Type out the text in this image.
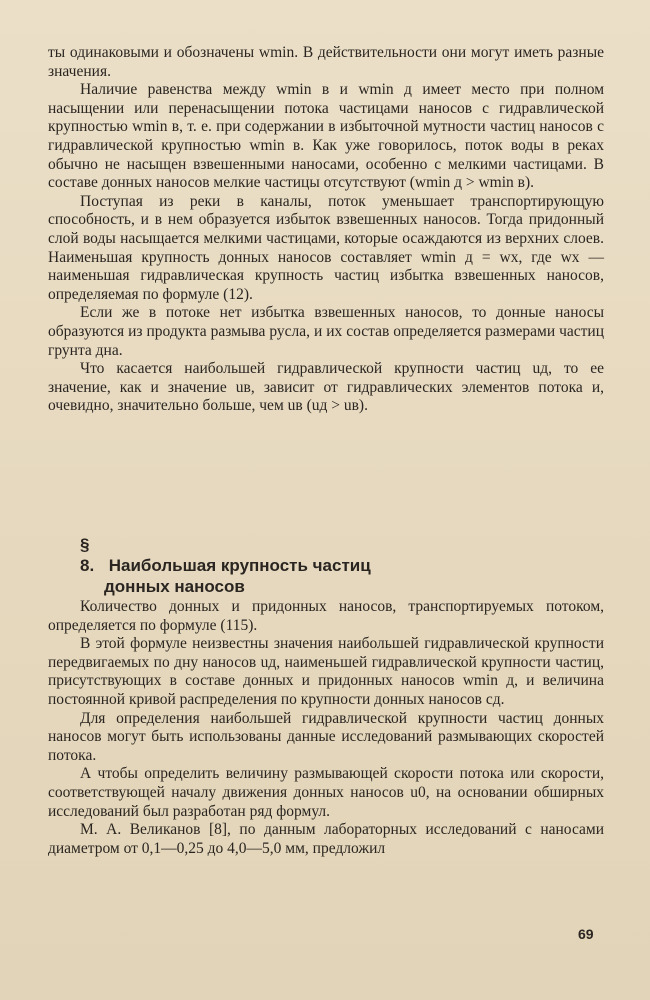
ты одинаковыми и обозначены wmin. В действительности они могут иметь разные значения.

Наличие равенства между wmin в и wmin д имеет место при полном насыщении или перенасыщении потока частицами наносов с гидравлической крупностью wmin в, т. е. при содержании в избыточной мутности частиц наносов с гидравлической крупностью wmin в. Как уже говорилось, поток воды в реках обычно не насыщен взвешенными наносами, особенно с мелкими частицами. В составе донных наносов мелкие частицы отсутствуют (wmin д > wmin в).

Поступая из реки в каналы, поток уменьшает транспортирующую способность, и в нем образуется избыток взвешенных наносов. Тогда придонный слой воды насыщается мелкими частицами, которые осаждаются из верхних слоев. Наименьшая крупность донных наносов составляет wmin д = wx, где wx — наименьшая гидравлическая крупность частиц избытка взвешенных наносов, определяемая по формуле (12).

Если же в потоке нет избытка взвешенных наносов, то донные наносы образуются из продукта размыва русла, и их состав определяется размерами частиц грунта дна.

Что касается наибольшей гидравлической крупности частиц uд, то ее значение, как и значение uв, зависит от гидравлических элементов потока и, очевидно, значительно больше, чем uв (uд > uв).

§ 8. Наибольшая крупность частиц
донных наносов

Количество донных и придонных наносов, транспортируемых потоком, определяется по формуле (115).

В этой формуле неизвестны значения наибольшей гидравлической крупности передвигаемых по дну наносов uд, наименьшей гидравлической крупности частиц, присутствующих в составе донных и придонных наносов wmin д, и величина постоянной кривой распределения по крупности донных наносов cд.

Для определения наибольшей гидравлической крупности частиц донных наносов могут быть использованы данные исследований размывающих скоростей потока.

А чтобы определить величину размывающей скорости потока или скорости, соответствующей началу движения донных наносов u0, на основании обширных исследований был разработан ряд формул.

М. А. Великанов [8], по данным лабораторных исследований с наносами диаметром от 0,1—0,25 до 4,0—5,0 мм, предложил

69
